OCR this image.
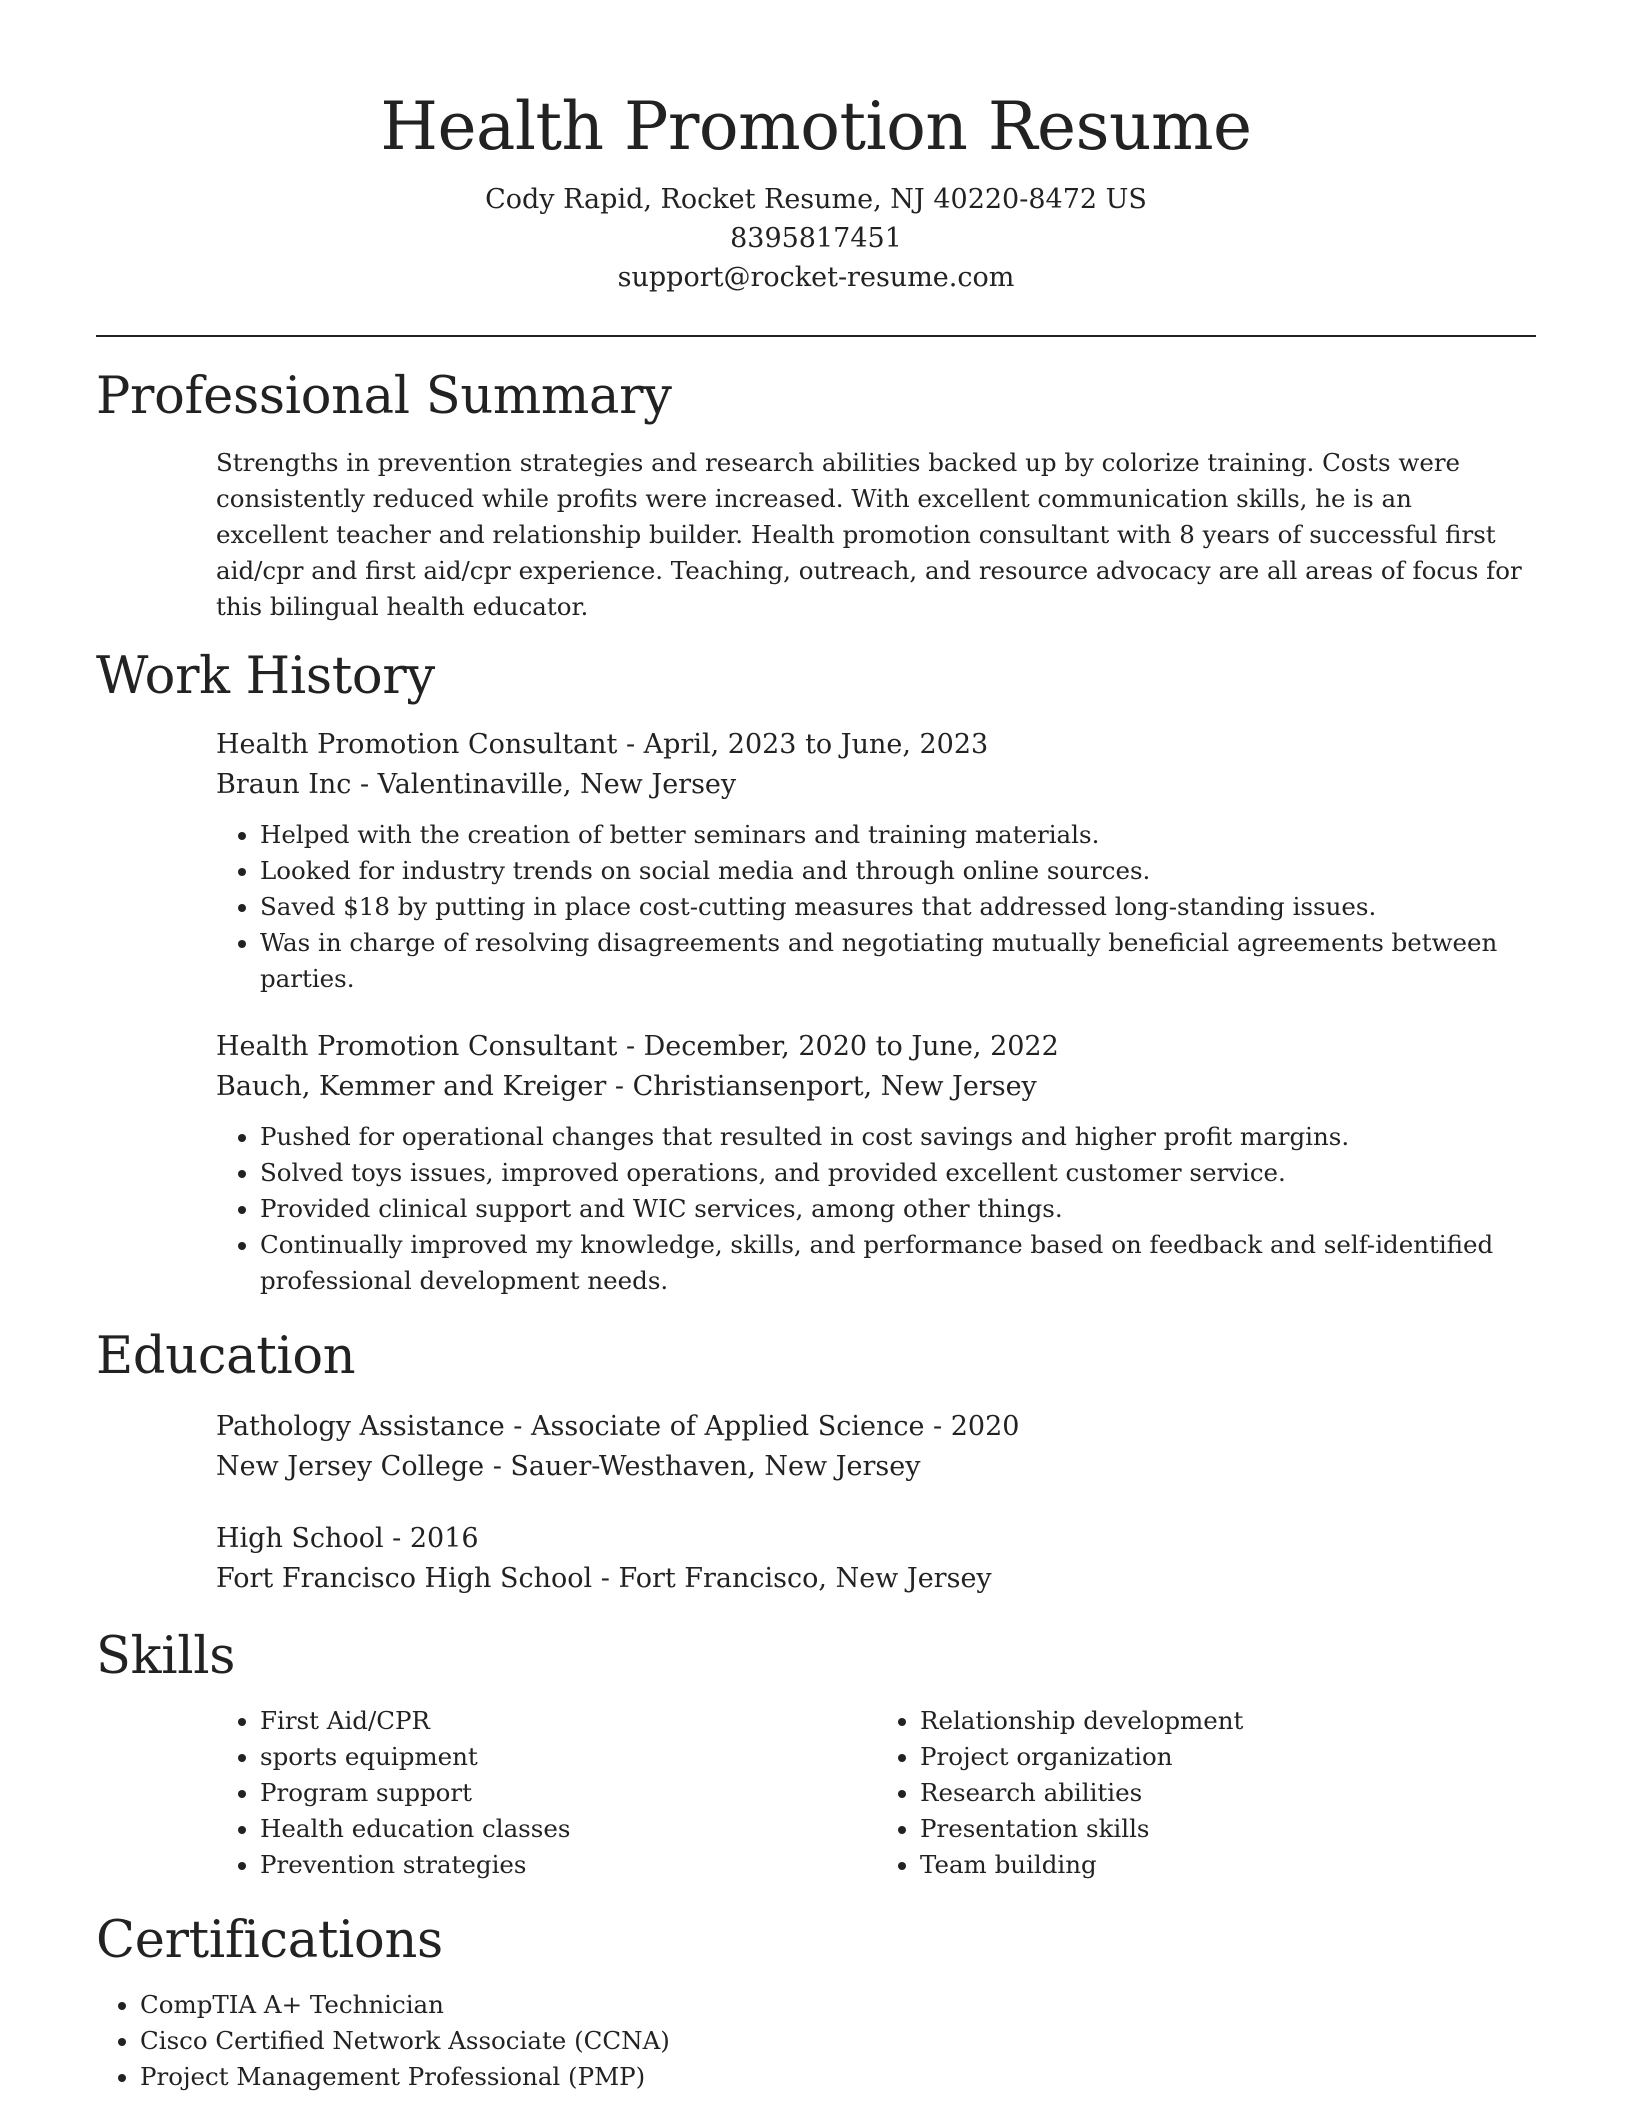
Health Promotion Resume
Cody Rapid, Rocket Resume, NJ 40220-8472 US
8395817451
support@rocket-resume.com
Professional Summary
Strengths in prevention strategies and research abilities backed up by colorize training. Costs were consistently reduced while profits were increased. With excellent communication skills, he is an excellent teacher and relationship builder. Health promotion consultant with 8 years of successful first aid/cpr and first aid/cpr experience. Teaching, outreach, and resource advocacy are all areas of focus for this bilingual health educator.
Work History
Health Promotion Consultant - April, 2023 to June, 2023
Braun Inc - Valentinaville, New Jersey
• Helped with the creation of better seminars and training materials.
• Looked for industry trends on social media and through online sources.
• Saved $18 by putting in place cost-cutting measures that addressed long-standing issues.
• Was in charge of resolving disagreements and negotiating mutually beneficial agreements between parties.
Health Promotion Consultant - December, 2020 to June, 2022
Bauch, Kemmer and Kreiger - Christiansenport, New Jersey
• Pushed for operational changes that resulted in cost savings and higher profit margins.
• Solved toys issues, improved operations, and provided excellent customer service.
• Provided clinical support and WIC services, among other things.
• Continually improved my knowledge, skills, and performance based on feedback and self-identified professional development needs.
Education
Pathology Assistance - Associate of Applied Science - 2020
New Jersey College - Sauer-Westhaven, New Jersey
High School - 2016
Fort Francisco High School - Fort Francisco, New Jersey
Skills
• First Aid/CPR
• sports equipment
• Program support
• Health education classes
• Prevention strategies
• Relationship development
• Project organization
• Research abilities
• Presentation skills
• Team building
Certifications
• CompTIA A+ Technician
• Cisco Certified Network Associate (CCNA)
• Project Management Professional (PMP)
